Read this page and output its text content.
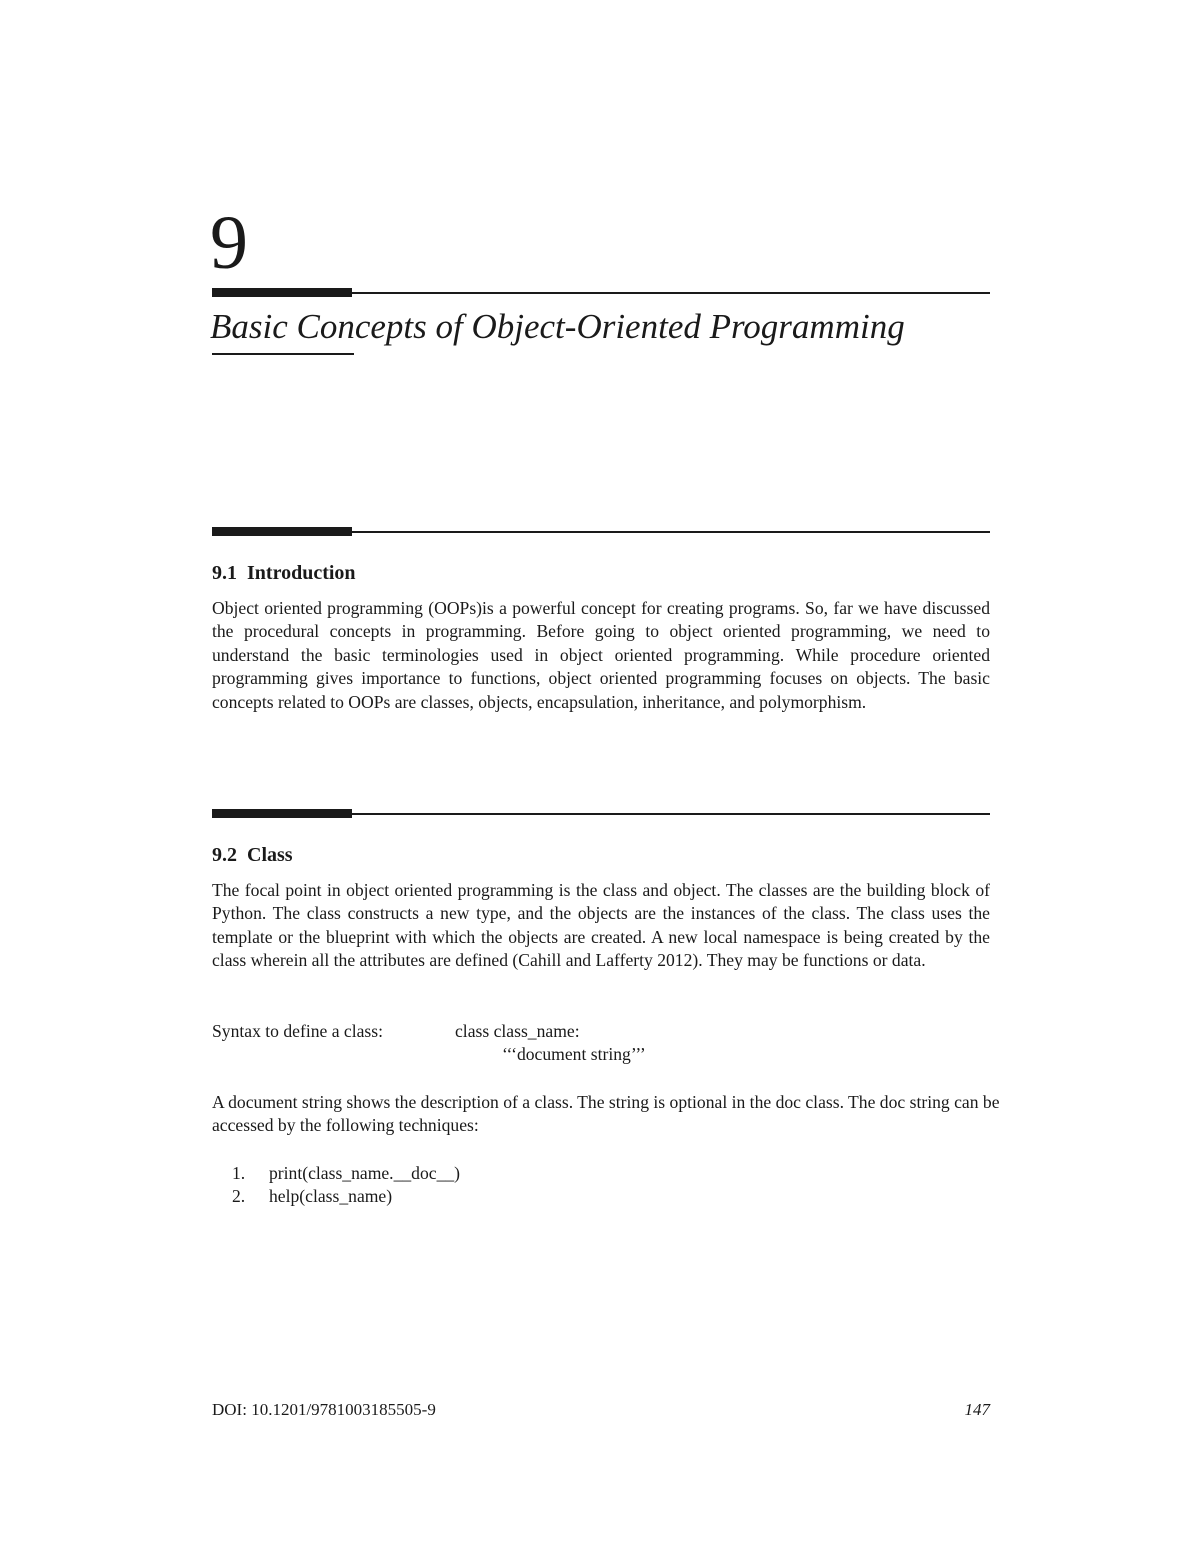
9
Basic Concepts of Object-Oriented Programming
9.1 Introduction

Object oriented programming (OOPs)is a powerful concept for creating programs. So, far we have discussed the procedural concepts in programming. Before going to object oriented programming, we need to understand the basic terminologies used in object oriented programming. While procedure oriented programming gives importance to functions, object oriented programming focuses on objects. The basic concepts related to OOPs are classes, objects, encapsulation, inheritance, and polymorphism.

9.2 Class

The focal point in object oriented programming is the class and object. The classes are the building block of Python. The class constructs a new type, and the objects are the instances of the class. The class uses the template or the blueprint with which the objects are created. A new local namespace is being created by the class wherein all the attributes are defined (Cahill and Lafferty 2012). They may be functions or data.

Syntax to define a class:	class class_name:
‘‘‘document string’’’

A document string shows the description of a class. The string is optional in the doc class. The doc string can be accessed by the following techniques:

1. print(class_name.__doc__)
2. help(class_name)
DOI: 10.1201/9781003185505-9	147
